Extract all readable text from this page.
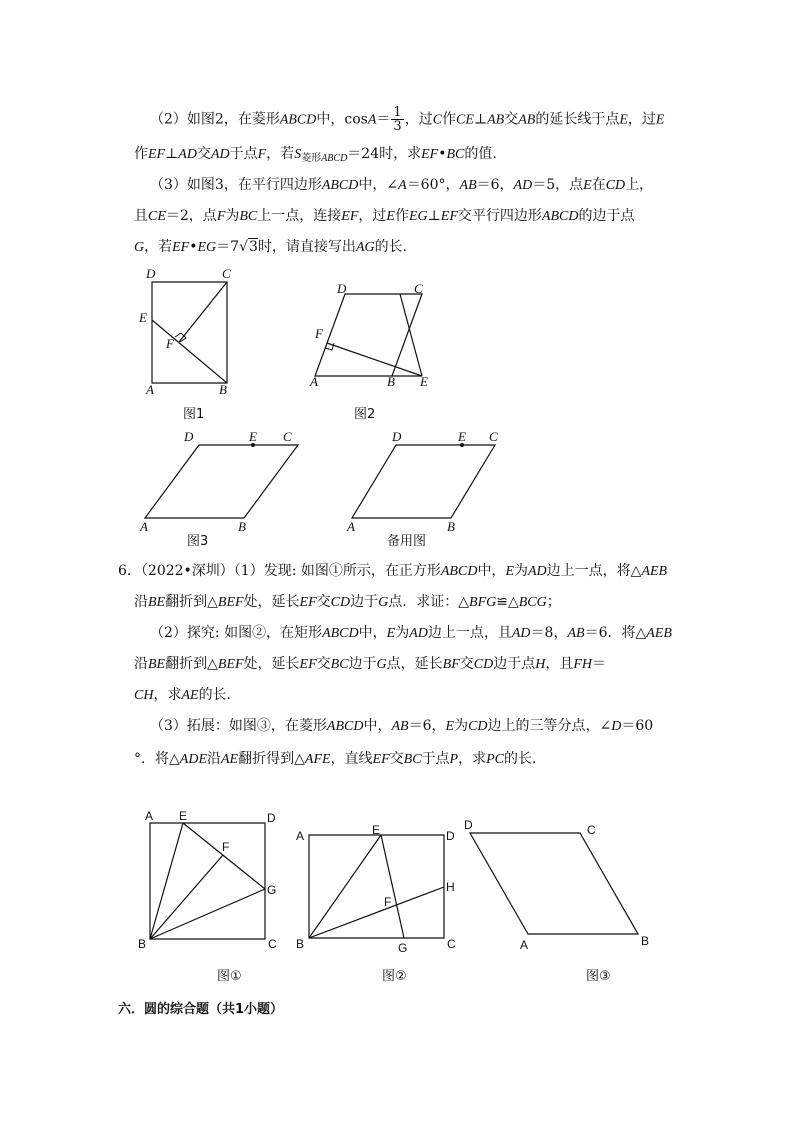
（2）如图2，在菱形ABCD中，$\cos A= \frac{1}{3}$ ，过C作CE⊥AB交AB的延长线于点E，过E
作EF⊥AD交AD于点F，若$S_{菱形ABCD}=24$时，求EF•BC的值.
（3）如图3，在平行四边形ABCD中，∠A＝60°，AB＝6，AD＝5，点E在CD上，
且CE＝2，点F为BC上一点，连接EF，过E作EG⊥EF交平行四边形ABCD的边于点
G，若EF•EG＝7√3时，请直接写出AG的长.
D	C
E
F
A	B
图1
D	C
F
A	B E
图2
D	E C
A	B
图3
D	E C
A	B
备用图
6．（2022•深圳）（1）发现: 如图①所示，在正方形ABCD中，E为AD边上一点，将△AEB
沿BE翻折到△BEF处，延长EF交CD边于G点．求证：△BFG≌△BCG；
（2）探究: 如图②，在矩形ABCD中，E为AD边上一点，且AD＝8，AB＝6．将△AEB
沿BE翻折到△BEF处，延长EF交BC边于G点，延长BF交CD边于点H，且FH＝
CH，求AE的长．
（3）拓展：如图③，在菱形ABCD中，AB＝6，E为CD边上的三等分点，∠D＝60
°．将△ADE沿AE翻折得到△AFE，直线EF交BC于点P，求PC的长．
A E	D
F
G
B	C
图①
A	E	D
H
F
B	G	C
图②
D	C
A	B
图③
六．圆的综合题（共1小题）
